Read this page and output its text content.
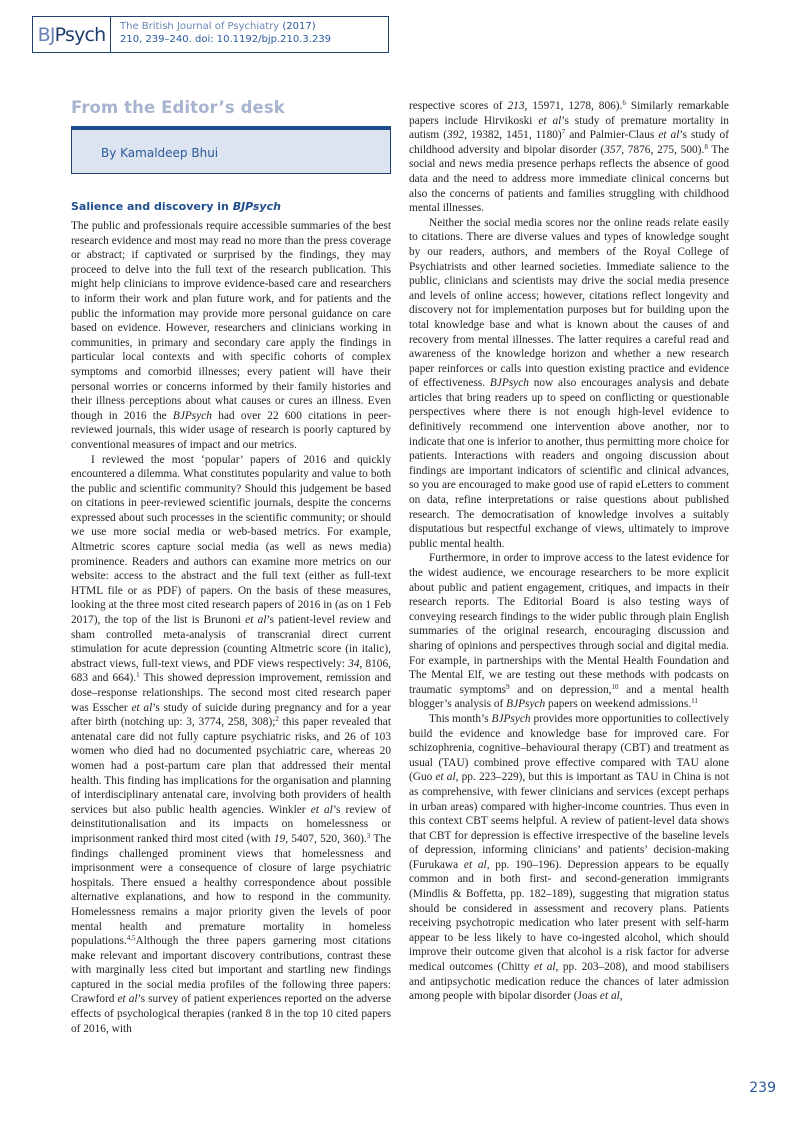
BJ Psych The British Journal of Psychiatry (2017)
210, 239–240. doi: 10.1192/bjp.210.3.239
From the Editor’s desk
By Kamaldeep Bhui
Salience and discovery in BJPsych

The public and professionals require accessible summaries of the best research evidence and most may read no more than the press coverage or abstract; if captivated or surprised by the findings, they may proceed to delve into the full text of the research publication. This might help clinicians to improve evidence-based care and researchers to inform their work and plan future work, and for patients and the public the information may provide more personal guidance on care based on evidence. However, researchers and clinicians working in communities, in primary and secondary care apply the findings in particular local contexts and with specific cohorts of complex symptoms and comorbid illnesses; every patient will have their personal worries or concerns informed by their family histories and their illness perceptions about what causes or cures an illness. Even though in 2016 the BJPsych had over 22 600 citations in peer-reviewed journals, this wider usage of research is poorly captured by conventional measures of impact and our metrics.

I reviewed the most ‘popular’ papers of 2016 and quickly encountered a dilemma. What constitutes popularity and value to both the public and scientific community? Should this judgement be based on citations in peer-reviewed scientific journals, despite the concerns expressed about such processes in the scientific community; or should we use more social media or web-based metrics. For example, Altmetric scores capture social media (as well as news media) prominence. Readers and authors can examine more metrics on our website: access to the abstract and the full text (either as full-text HTML file or as PDF) of papers. On the basis of these measures, looking at the three most cited research papers of 2016 in (as on 1 Feb 2017), the top of the list is Brunoni et al’s patient-level review and sham controlled meta-analysis of transcranial direct current stimulation for acute depression (counting Altmetric score (in italic), abstract views, full-text views, and PDF views respectively: 34, 8106, 683 and 664).$^1$ This showed depression improvement, remission and dose–response relationships. The second most cited research paper was Esscher et al’s study of suicide during pregnancy and for a year after birth (notching up: 3, 3774, 258, 308);$^2$ this paper revealed that antenatal care did not fully capture psychiatric risks, and 26 of 103 women who died had no documented psychiatric care, whereas 20 women had a post-partum care plan that addressed their mental health. This finding has implications for the organisation and planning of interdisciplinary antenatal care, involving both providers of health services but also public health agencies. Winkler et al’s review of deinstitutionalisation and its impacts on homelessness or imprisonment ranked third most cited (with 19, 5407, 520, 360).$^3$ The findings challenged prominent views that homelessness and imprisonment were a consequence of closure of large psychiatric hospitals. There ensued a healthy correspondence about possible alternative explanations, and how to respond in the community. Homelessness remains a major priority given the levels of poor mental health and premature mortality in homeless populations.$^{4,5}$Although the three papers garnering most citations make relevant and important discovery contributions, contrast these with marginally less cited but important and startling new findings captured in the social media profiles of the following three papers: Crawford et al’s survey of patient experiences reported on the adverse effects of psychological therapies (ranked 8 in the top 10 cited papers of 2016, with

respective scores of 213, 15971, 1278, 806).$^6$ Similarly remarkable papers include Hirvikoski et al’s study of premature mortality in autism (392, 19382, 1451, 1180)$^7$ and Palmier-Claus et al’s study of childhood adversity and bipolar disorder (357, 7876, 275, 500).$^8$ The social and news media presence perhaps reflects the absence of good data and the need to address more immediate clinical concerns but also the concerns of patients and families struggling with childhood mental illnesses.

Neither the social media scores nor the online reads relate easily to citations. There are diverse values and types of knowledge sought by our readers, authors, and members of the Royal College of Psychiatrists and other learned societies. Immediate salience to the public, clinicians and scientists may drive the social media presence and levels of online access; however, citations reflect longevity and discovery not for implementation purposes but for building upon the total knowledge base and what is known about the causes of and recovery from mental illnesses. The latter requires a careful read and awareness of the knowledge horizon and whether a new research paper reinforces or calls into question existing practice and evidence of effectiveness. BJPsych now also encourages analysis and debate articles that bring readers up to speed on conflicting or questionable perspectives where there is not enough high-level evidence to definitively recommend one intervention above another, nor to indicate that one is inferior to another, thus permitting more choice for patients. Interactions with readers and ongoing discussion about findings are important indicators of scientific and clinical advances, so you are encouraged to make good use of rapid eLetters to comment on data, refine interpretations or raise questions about published research. The democratisation of knowledge involves a suitably disputatious but respectful exchange of views, ultimately to improve public mental health.

Furthermore, in order to improve access to the latest evidence for the widest audience, we encourage researchers to be more explicit about public and patient engagement, critiques, and impacts in their research reports. The Editorial Board is also testing ways of conveying research findings to the wider public through plain English summaries of the original research, encouraging discussion and sharing of opinions and perspectives through social and digital media. For example, in partnerships with the Mental Health Foundation and The Mental Elf, we are testing out these methods with podcasts on traumatic symptoms$^9$ and on depression,$^{10}$ and a mental health blogger’s analysis of BJPsych papers on weekend admissions.$^{11}$

This month’s BJPsych provides more opportunities to collectively build the evidence and knowledge base for improved care. For schizophrenia, cognitive–behavioural therapy (CBT) and treatment as usual (TAU) combined prove effective compared with TAU alone (Guo et al, pp. 223–229), but this is important as TAU in China is not as comprehensive, with fewer clinicians and services (except perhaps in urban areas) compared with higher-income countries. Thus even in this context CBT seems helpful. A review of patient-level data shows that CBT for depression is effective irrespective of the baseline levels of depression, informing clinicians’ and patients’ decision-making (Furukawa et al, pp. 190–196). Depression appears to be equally common and in both first- and second-generation immigrants (Mindlis & Boffetta, pp. 182–189), suggesting that migration status should be considered in assessment and recovery plans. Patients receiving psychotropic medication who later present with self-harm appear to be less likely to have co-ingested alcohol, which should improve their outcome given that alcohol is a risk factor for adverse medical outcomes (Chitty et al, pp. 203–208), and mood stabilisers and antipsychotic medication reduce the chances of later admission among people with bipolar disorder (Joas et al,

239
